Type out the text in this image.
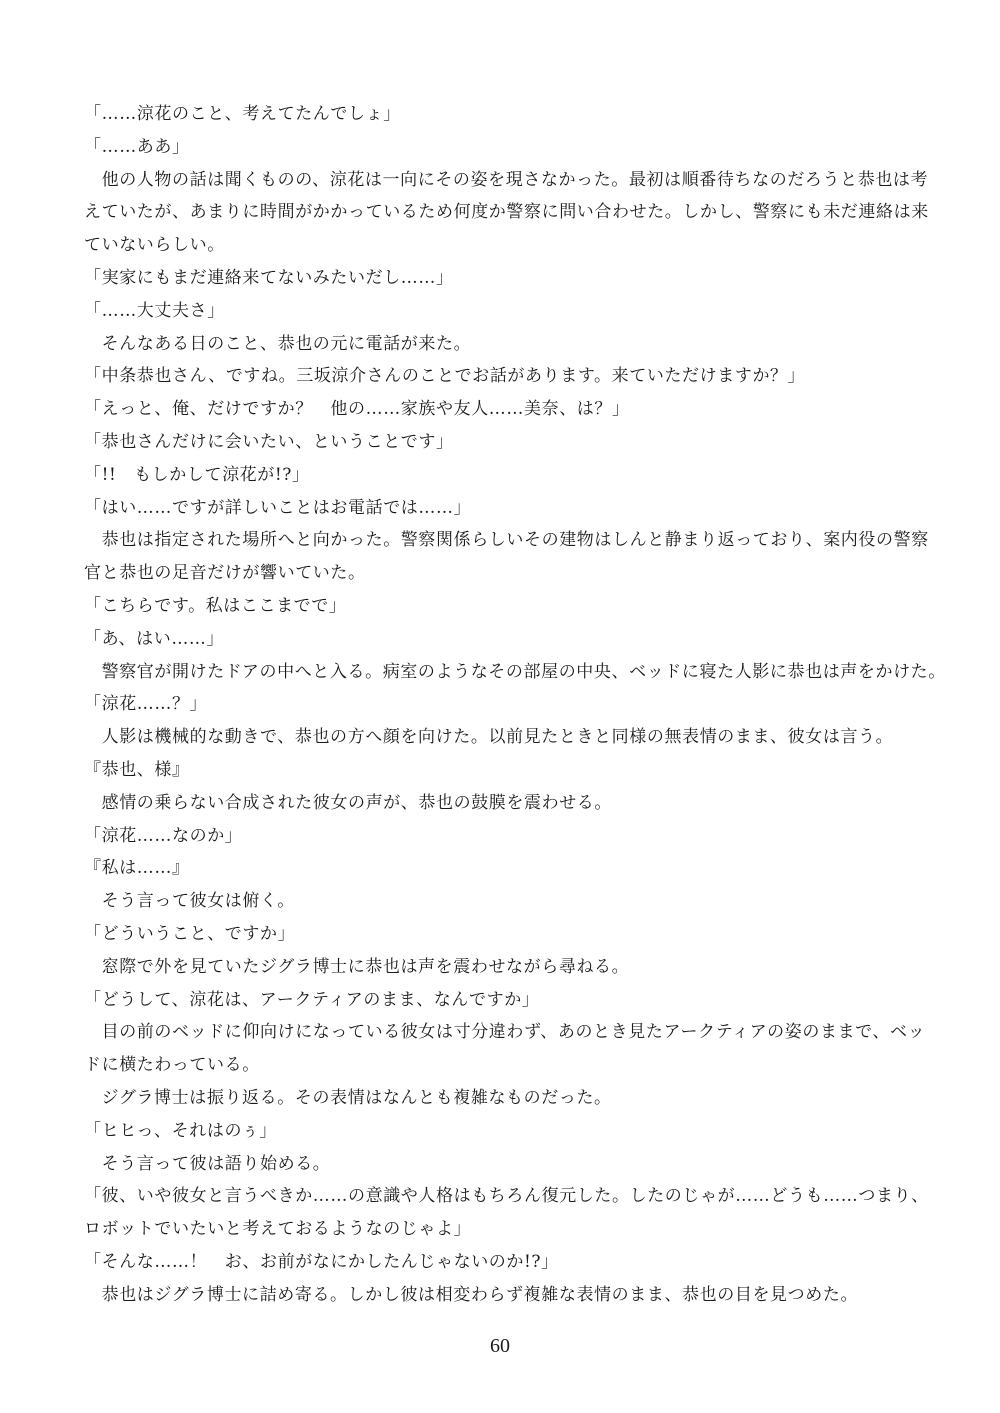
「……涼花のこと、考えてたんでしょ」
「……ああ」
　他の人物の話は聞くものの、涼花は一向にその姿を現さなかった。最初は順番待ちなのだろうと恭也は考
えていたが、あまりに時間がかかっているため何度か警察に問い合わせた。しかし、警察にも未だ連絡は来
ていないらしい。
「実家にもまだ連絡来てないみたいだし……」
「……大丈夫さ」
　そんなある日のこと、恭也の元に電話が来た。
「中条恭也さん、ですね。三坂涼介さんのことでお話があります。来ていただけますか？」
「えっと、俺、だけですか？　他の……家族や友人……美奈、は？」
「恭也さんだけに会いたい、ということです」
「!!　もしかして涼花が!?」
「はい……ですが詳しいことはお電話では……」
　恭也は指定された場所へと向かった。警察関係らしいその建物はしんと静まり返っており、案内役の警察
官と恭也の足音だけが響いていた。
「こちらです。私はここまでで」
「あ、はい……」
　警察官が開けたドアの中へと入る。病室のようなその部屋の中央、ベッドに寝た人影に恭也は声をかけた。
「涼花……？」
　人影は機械的な動きで、恭也の方へ顔を向けた。以前見たときと同様の無表情のまま、彼女は言う。
『恭也、様』
　感情の乗らない合成された彼女の声が、恭也の鼓膜を震わせる。
「涼花……なのか」
『私は……』
　そう言って彼女は俯く。
「どういうこと、ですか」
　窓際で外を見ていたジグラ博士に恭也は声を震わせながら尋ねる。
「どうして、涼花は、アークティアのまま、なんですか」
　目の前のベッドに仰向けになっている彼女は寸分違わず、あのとき見たアークティアの姿のままで、ベッ
ドに横たわっている。
　ジグラ博士は振り返る。その表情はなんとも複雑なものだった。
「ヒヒっ、それはのぅ」
　そう言って彼は語り始める。
「彼、いや彼女と言うべきか……の意識や人格はもちろん復元した。したのじゃが……どうも……つまり、
ロボットでいたいと考えておるようなのじゃよ」
「そんな……！　お、お前がなにかしたんじゃないのか!?」
　恭也はジグラ博士に詰め寄る。しかし彼は相変わらず複雑な表情のまま、恭也の目を見つめた。
60
